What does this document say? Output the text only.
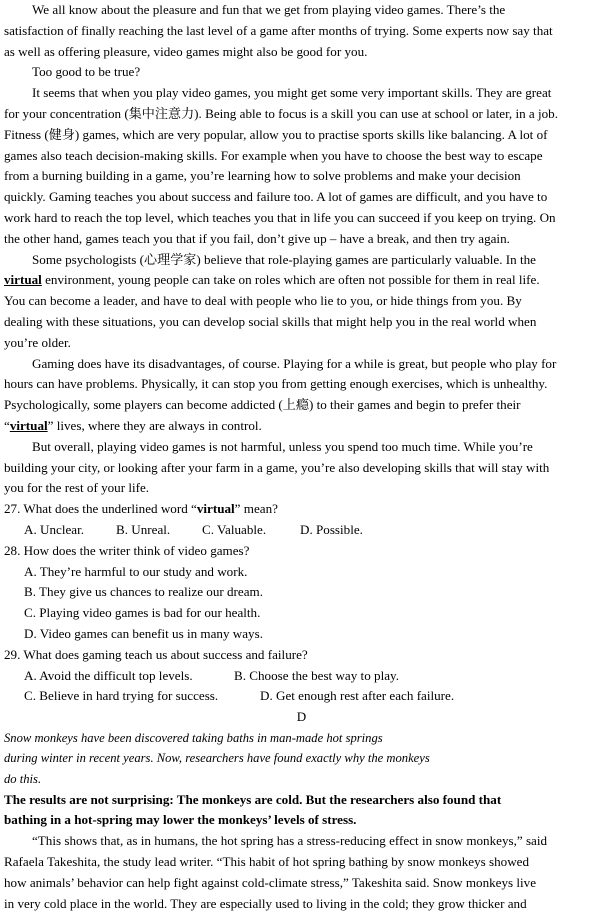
We all know about the pleasure and fun that we get from playing video games. There’s the
satisfaction of finally reaching the last level of a game after months of trying. Some experts now say that
as well as offering pleasure, video games might also be good for you.
Too good to be true?
It seems that when you play video games, you might get some very important skills. They are great
for your concentration (集中注意力). Being able to focus is a skill you can use at school or later, in a job.
Fitness (健身) games, which are very popular, allow you to practise sports skills like balancing. A lot of
games also teach decision-making skills. For example when you have to choose the best way to escape
from a burning building in a game, you’re learning how to solve problems and make your decision
quickly. Gaming teaches you about success and failure too. A lot of games are difficult, and you have to
work hard to reach the top level, which teaches you that in life you can succeed if you keep on trying. On
the other hand, games teach you that if you fail, don’t give up – have a break, and then try again.
Some psychologists (心理学家) believe that role-playing games are particularly valuable. In the
virtual environment, young people can take on roles which are often not possible for them in real life.
You can become a leader, and have to deal with people who lie to you, or hide things from you. By
dealing with these situations, you can develop social skills that might help you in the real world when
you’re older.
Gaming does have its disadvantages, of course. Playing for a while is great, but people who play for
hours can have problems. Physically, it can stop you from getting enough exercises, which is unhealthy.
Psychologically, some players can become addicted (上瘾) to their games and begin to prefer their
“virtual” lives, where they are always in control.
But overall, playing video games is not harmful, unless you spend too much time. While you’re
building your city, or looking after your farm in a game, you’re also developing skills that will stay with
you for the rest of your life.
27. What does the underlined word “virtual” mean?
A. Unclear. B. Unreal. C. Valuable.	D. Possible.
28. How does the writer think of video games?
A. They’re harmful to our study and work.
B. They give us chances to realize our dream.
C. Playing video games is bad for our health.
D. Video games can benefit us in many ways.
29. What does gaming teach us about success and failure?
A. Avoid the difficult top levels.	B. Choose the best way to play.
C. Believe in hard trying for success.	D. Get enough rest after each failure.
D
Snow monkeys have been discovered taking baths in man-made hot springs
during winter in recent years. Now, researchers have found exactly why the monkeys
do this.
The results are not surprising: The monkeys are cold. But the researchers also found that
bathing in a hot-spring may lower the monkeys’ levels of stress.
“This shows that, as in humans, the hot spring has a stress-reducing effect in snow monkeys,” said
Rafaela Takeshita, the study lead writer. “This habit of hot spring bathing by snow monkeys showed
how animals’ behavior can help fight against cold-climate stress,” Takeshita said. Snow monkeys live
in very cold place in the world. They are especially used to living in the cold; they grow thicker and
